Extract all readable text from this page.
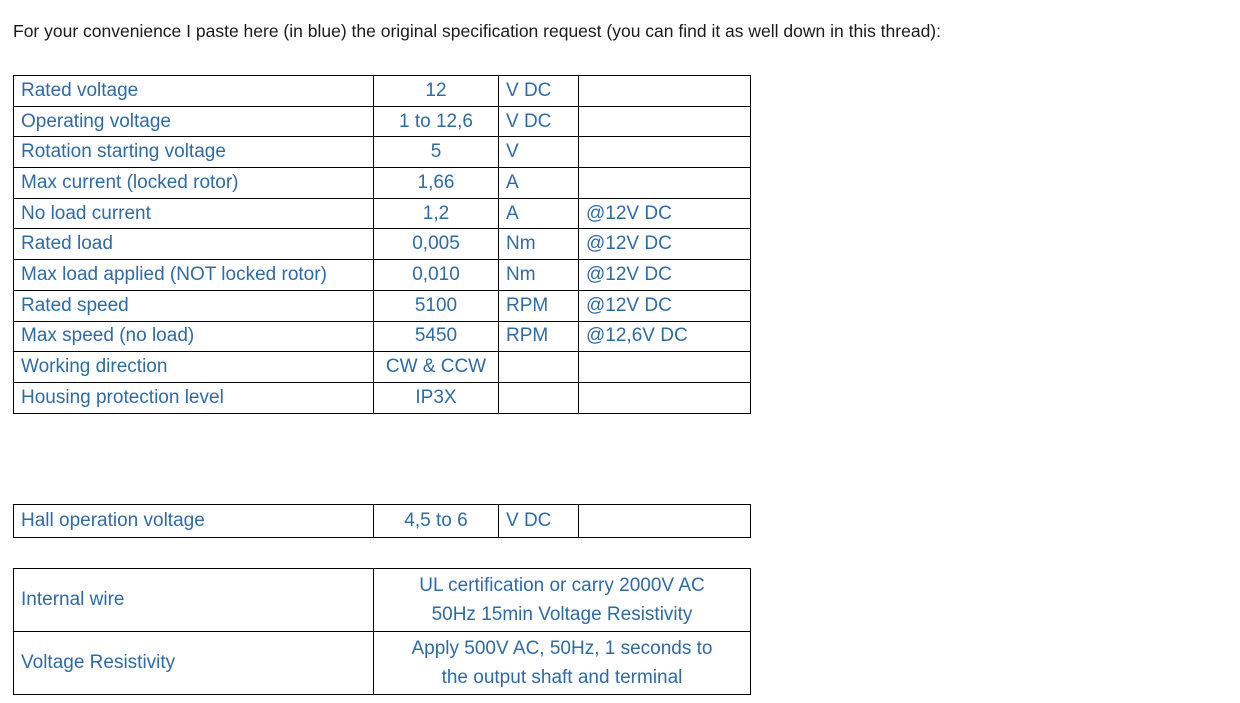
For your convenience I paste here (in blue) the original specification request (you can find it as well down in this thread):

Rated voltage	12	V DC	
Operating voltage	1 to 12,6	V DC	
Rotation starting voltage	5	V	
Max current (locked rotor)	1,66	A	
No load current	1,2	A	@12V DC
Rated load	0,005	Nm	@12V DC
Max load applied (NOT locked rotor)	0,010	Nm	@12V DC
Rated speed	5100	RPM	@12V DC
Max speed (no load)	5450	RPM	@12,6V DC
Working direction	CW & CCW		
Housing protection level	IP3X		
Hall operation voltage	4,5 to 6	V DC	
Internal wire	UL certification or carry 2000V AC
50Hz 15min Voltage Resistivity

Voltage Resistivity	Apply 500V AC, 50Hz, 1 seconds to
the output shaft and terminal
